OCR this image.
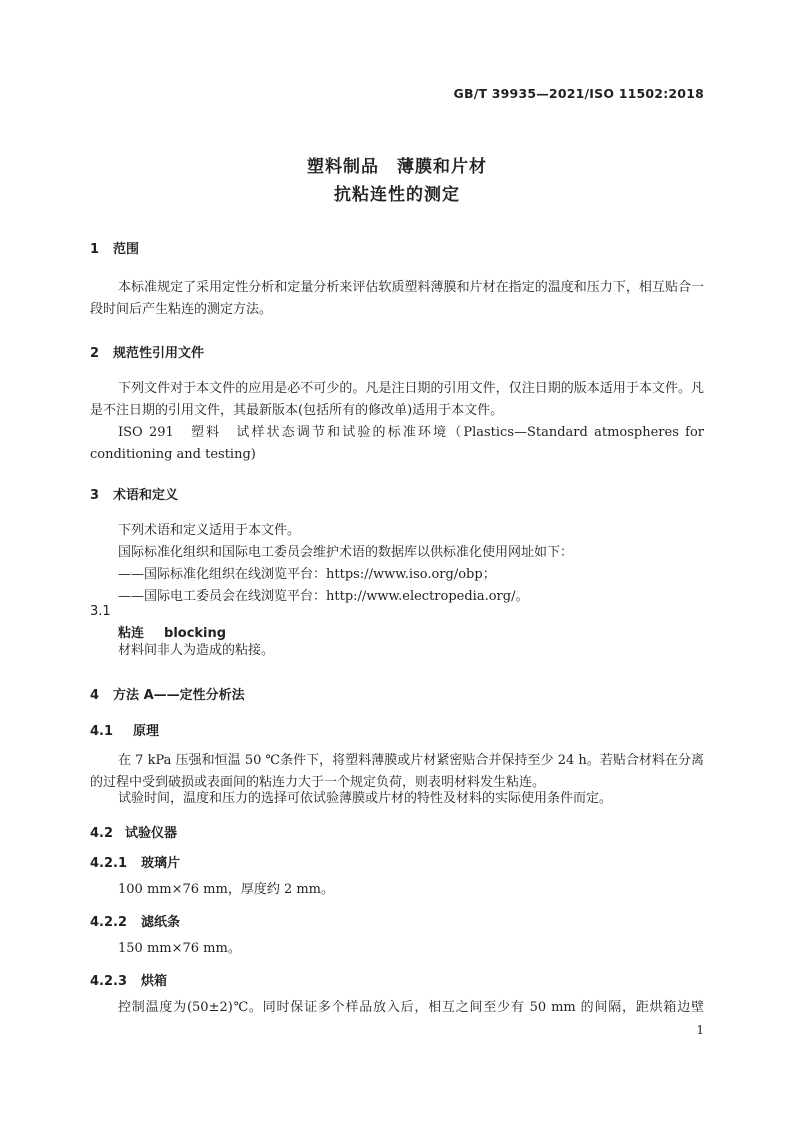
GB/T 39935—2021/ISO 11502:2018
塑料制品　薄膜和片材
抗粘连性的测定
1 范围
本标准规定了采用定性分析和定量分析来评估软质塑料薄膜和片材在指定的温度和压力下，相互贴合一段时间后产生粘连的测定方法。
2 规范性引用文件
下列文件对于本文件的应用是必不可少的。凡是注日期的引用文件，仅注日期的版本适用于本文件。凡是不注日期的引用文件，其最新版本(包括所有的修改单)适用于本文件。
ISO 291　塑料　试样状态调节和试验的标准环境（Plastics—Standard atmospheres for
conditioning and testing)
3 术语和定义
下列术语和定义适用于本文件。
国际标准化组织和国际电工委员会维护术语的数据库以供标准化使用网址如下：
——国际标准化组织在线浏览平台：https://www.iso.org/obp；
——国际电工委员会在线浏览平台：http://www.electropedia.org/。
3.1
粘连 blocking
材料间非人为造成的粘接。
4 方法 A——定性分析法
4.1 原理
在 7 kPa 压强和恒温 50 ℃条件下，将塑料薄膜或片材紧密贴合并保持至少 24 h。若贴合材料在分离的过程中受到破损或表面间的粘连力大于一个规定负荷，则表明材料发生粘连。
试验时间，温度和压力的选择可依试验薄膜或片材的特性及材料的实际使用条件而定。
4.2 试验仪器
4.2.1 玻璃片
100 mm×76 mm，厚度约 2 mm。
4.2.2 滤纸条
150 mm×76 mm。
4.2.3 烘箱
控制温度为(50±2)℃。同时保证多个样品放入后，相互之间至少有 50 mm 的间隔，距烘箱边壁
1
